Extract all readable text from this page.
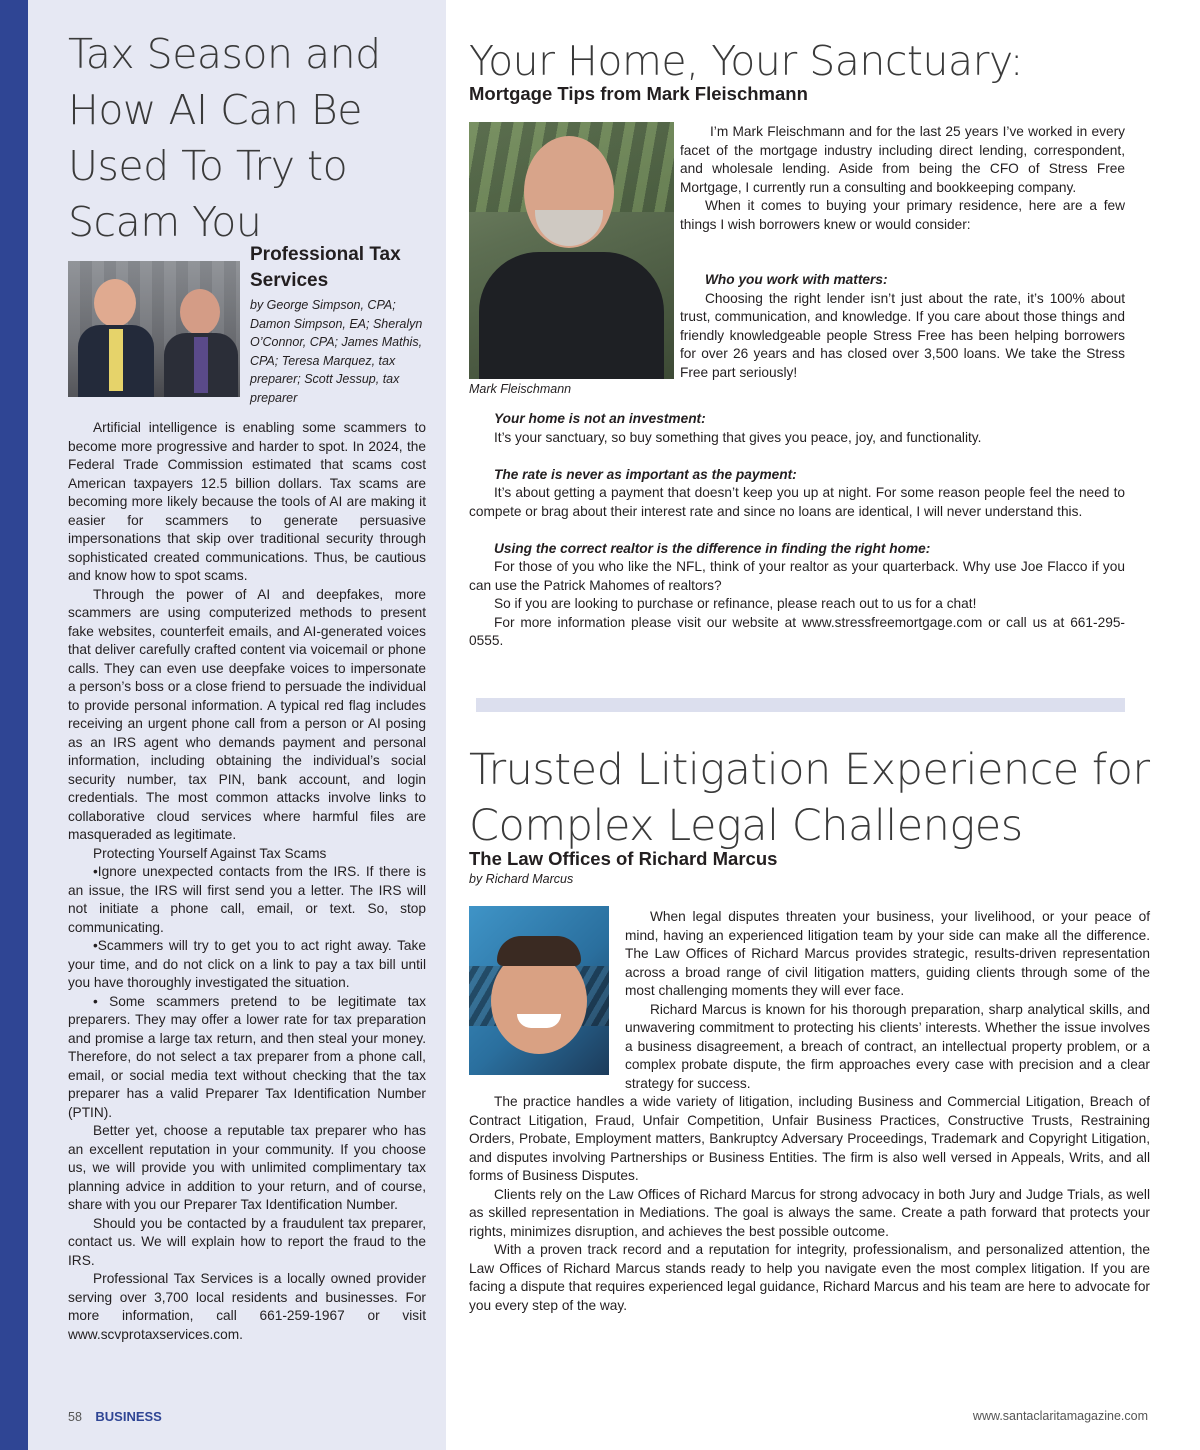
Tax Season and How AI Can Be Used To Try to Scam You
Professional Tax Services
by George Simpson, CPA; Damon Simpson, EA; Sheralyn O’Connor, CPA; James Mathis, CPA; Teresa Marquez, tax preparer; Scott Jessup, tax preparer

Artificial intelligence is enabling some scammers to become more progressive and harder to spot. In 2024, the Federal Trade Commission estimated that scams cost American taxpayers 12.5 billion dollars. Tax scams are becoming more likely because the tools of AI are making it easier for scammers to generate persuasive impersonations that skip over traditional security through sophisticated created communications. Thus, be cautious and know how to spot scams.

Through the power of AI and deepfakes, more scammers are using computerized methods to present fake websites, counterfeit emails, and AI-generated voices that deliver carefully crafted content via voicemail or phone calls. They can even use deepfake voices to impersonate a person’s boss or a close friend to persuade the individual to provide personal information. A typical red flag includes receiving an urgent phone call from a person or AI posing as an IRS agent who demands payment and personal information, including obtaining the individual’s social security number, tax PIN, bank account, and login credentials. The most common attacks involve links to collaborative cloud services where harmful files are masqueraded as legitimate.

Protecting Yourself Against Tax Scams

•Ignore unexpected contacts from the IRS. If there is an issue, the IRS will first send you a letter. The IRS will not initiate a phone call, email, or text. So, stop communicating.

•Scammers will try to get you to act right away. Take your time, and do not click on a link to pay a tax bill until you have thoroughly investigated the situation.

• Some scammers pretend to be legitimate tax preparers. They may offer a lower rate for tax preparation and promise a large tax return, and then steal your money. Therefore, do not select a tax preparer from a phone call, email, or social media text without checking that the tax preparer has a valid Preparer Tax Identification Number (PTIN).

Better yet, choose a reputable tax preparer who has an excellent reputation in your community. If you choose us, we will provide you with unlimited complimentary tax planning advice in addition to your return, and of course, share with you our Preparer Tax Identification Number.

Should you be contacted by a fraudulent tax preparer, contact us. We will explain how to report the fraud to the IRS.

Professional Tax Services is a locally owned provider serving over 3,700 local residents and businesses. For more information, call 661-259-1967 or visit www.scvprotaxservices.com.

58 BUSINESS	www.santaclaritamagazine.com
Your Home, Your Sanctuary:
Mortgage Tips from Mark Fleischmann
Mark Fleischmann

I’m Mark Fleischmann and for the last 25 years I’ve worked in every facet of the mortgage industry including direct lending, correspondent, and wholesale lending. Aside from being the CFO of Stress Free Mortgage, I currently run a consulting and bookkeeping company.

When it comes to buying your primary residence, here are a few things I wish borrowers knew or would consider:

Who you work with matters:

Choosing the right lender isn’t just about the rate, it’s 100% about trust, communication, and knowledge. If you care about those things and friendly knowledgeable people Stress Free has been helping borrowers for over 26 years and has closed over 3,500 loans. We take the Stress Free part seriously!

Your home is not an investment:

It’s your sanctuary, so buy something that gives you peace, joy, and functionality.

The rate is never as important as the payment:

It’s about getting a payment that doesn’t keep you up at night. For some reason people feel the need to compete or brag about their interest rate and since no loans are identical, I will never understand this.

Using the correct realtor is the difference in finding the right home:

For those of you who like the NFL, think of your realtor as your quarterback. Why use Joe Flacco if you can use the Patrick Mahomes of realtors?

So if you are looking to purchase or refinance, please reach out to us for a chat!

For more information please visit our website at www.stressfreemortgage.com or call us at 661-295-0555.

Trusted Litigation Experience for Complex Legal Challenges
The Law Offices of Richard Marcus
by Richard Marcus

When legal disputes threaten your business, your livelihood, or your peace of mind, having an experienced litigation team by your side can make all the difference. The Law Offices of Richard Marcus provides strategic, results-driven representation across a broad range of civil litigation matters, guiding clients through some of the most challenging moments they will ever face.

Richard Marcus is known for his thorough preparation, sharp analytical skills, and unwavering commitment to protecting his clients’ interests. Whether the issue involves a business disagreement, a breach of contract, an intellectual property problem, or a complex probate dispute, the firm approaches every case with precision and a clear strategy for success.

The practice handles a wide variety of litigation, including Business and Commercial Litigation, Breach of Contract Litigation, Fraud, Unfair Competition, Unfair Business Practices, Constructive Trusts, Restraining Orders, Probate, Employment matters, Bankruptcy Adversary Proceedings, Trademark and Copyright Litigation, and disputes involving Partnerships or Business Entities. The firm is also well versed in Appeals, Writs, and all forms of Business Disputes.

Clients rely on the Law Offices of Richard Marcus for strong advocacy in both Jury and Judge Trials, as well as skilled representation in Mediations. The goal is always the same. Create a path forward that protects your rights, minimizes disruption, and achieves the best possible outcome.

With a proven track record and a reputation for integrity, professionalism, and personalized attention, the Law Offices of Richard Marcus stands ready to help you navigate even the most complex litigation. If you are facing a dispute that requires experienced legal guidance, Richard Marcus and his team are here to advocate for you every step of the way.
